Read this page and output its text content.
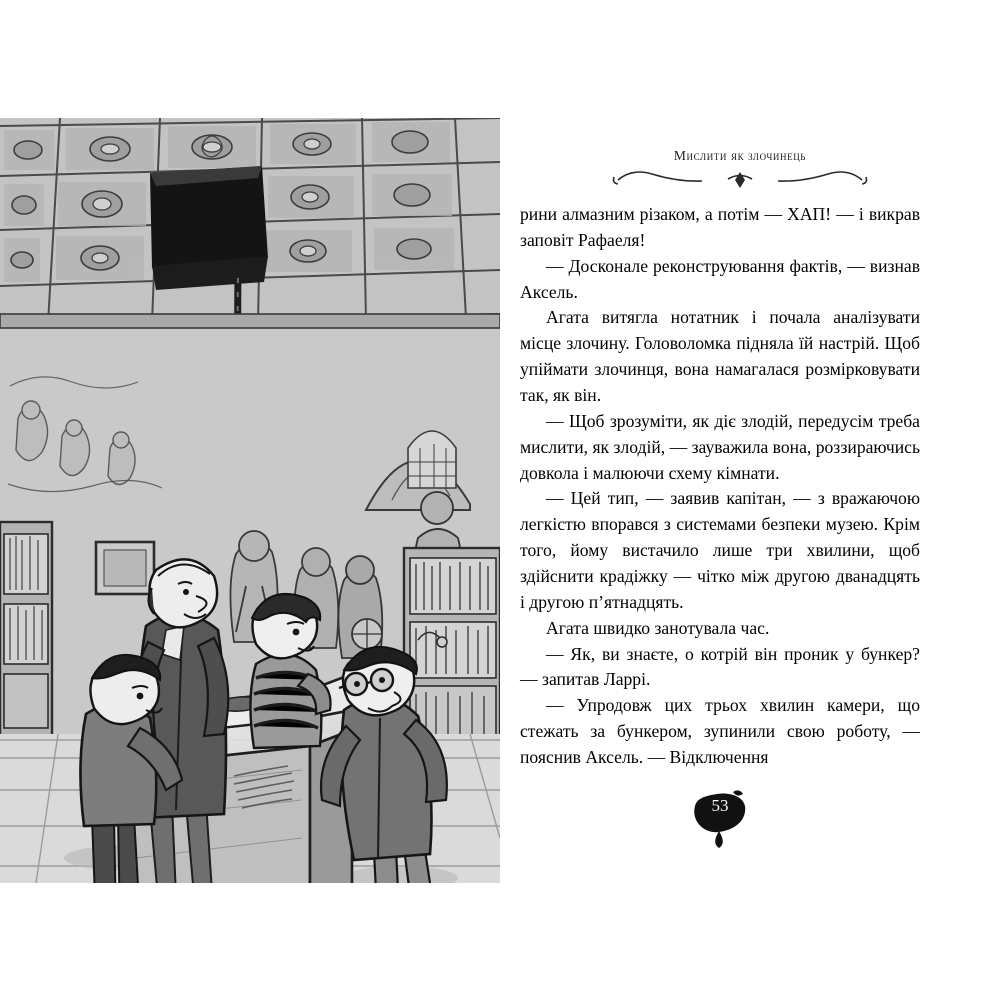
Мислити як злочинець

рини алмазним різаком, а потім — ХАП! — і викрав заповіт Рафаеля!

— Досконале реконструювання фактів, — визнав Аксель.

Агата витягла нотатник і почала аналізувати місце злочину. Головоломка підняла їй настрій. Щоб упіймати злочинця, вона намагалася розмірковувати так, як він.

— Щоб зрозуміти, як діє злодій, передусім треба мислити, як злодій, — зауважила вона, роззираючись довкола і малюючи схему кімнати.

— Цей тип, — заявив капітан, — з вражаючою легкістю впорався з системами безпеки музею. Крім того, йому вистачило лише три хвилини, щоб здійснити крадіжку — чітко між другою дванадцять і другою п’ятнадцять.

Агата швидко занотувала час.

— Як, ви знаєте, о котрій він проник у бункер? — запитав Ларрі.

— Упродовж цих трьох хвилин камери, що стежать за бункером, зупинили свою роботу, — пояснив Аксель. — Відключення

53
